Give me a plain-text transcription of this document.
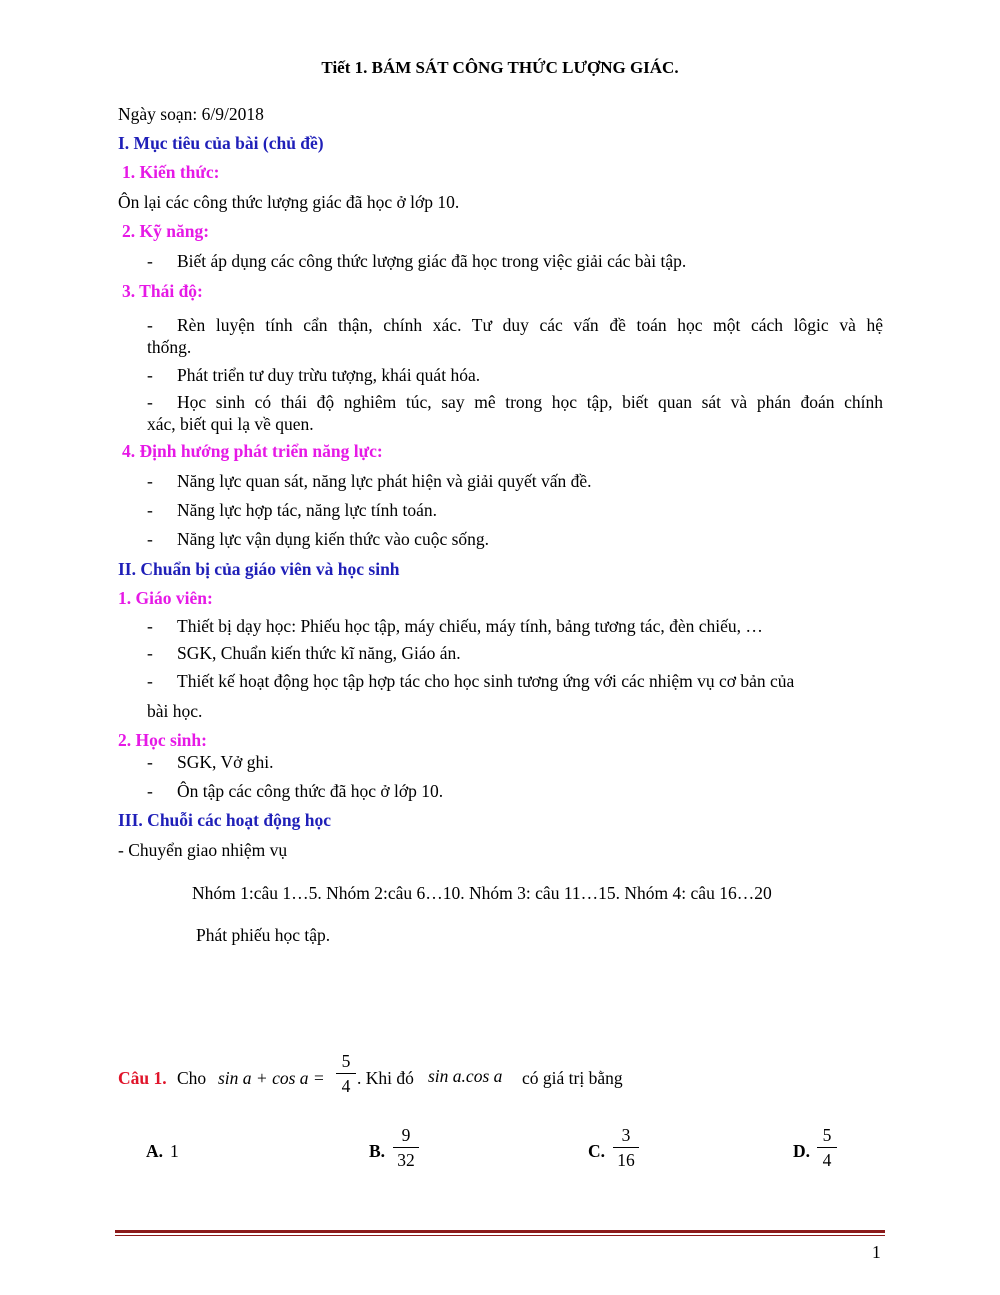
Tiết 1. BÁM SÁT CÔNG THỨC LƯỢNG GIÁC.
Ngày soạn: 6/9/2018
I. Mục tiêu của bài (chủ đề)
1. Kiến thức:
Ôn lại các công thức lượng giác đã học ở lớp 10.
2. Kỹ năng:
- Biết áp dụng các công thức lượng giác đã học trong việc giải các bài tập.
3. Thái độ:
- Rèn luyện tính cẩn thận, chính xác. Tư duy các vấn đề toán học một cách lôgic và hệ
thống.
- Phát triển tư duy trừu tượng, khái quát hóa.
- Học sinh có thái độ nghiêm túc, say mê trong học tập, biết quan sát và phán đoán chính
xác, biết qui lạ về quen.
4. Định hướng phát triển năng lực:
- Năng lực quan sát, năng lực phát hiện và giải quyết vấn đề.
- Năng lực hợp tác, năng lực tính toán.
- Năng lực vận dụng kiến thức vào cuộc sống.
II. Chuẩn bị của giáo viên và học sinh
1. Giáo viên:
- Thiết bị dạy học: Phiếu học tập, máy chiếu, máy tính, bảng tương tác, đèn chiếu, …
- SGK, Chuẩn kiến thức kĩ năng, Giáo án.
- Thiết kế hoạt động học tập hợp tác cho học sinh tương ứng với các nhiệm vụ cơ bản của
bài học.
2. Học sinh:
- SGK, Vở ghi.
- Ôn tập các công thức đã học ở lớp 10.
III. Chuỗi các hoạt động học
- Chuyển giao nhiệm vụ
Nhóm 1:câu 1…5. Nhóm 2:câu 6…10. Nhóm 3: câu 11…15. Nhóm 4: câu 16…20
Phát phiếu học tập.
Câu 1. Cho sin a + cos a =
5
4 . Khi đó sin a.cos a có giá trị bằng
A. 1	B.
9
32	C.
3
16	D.
5
4
1
